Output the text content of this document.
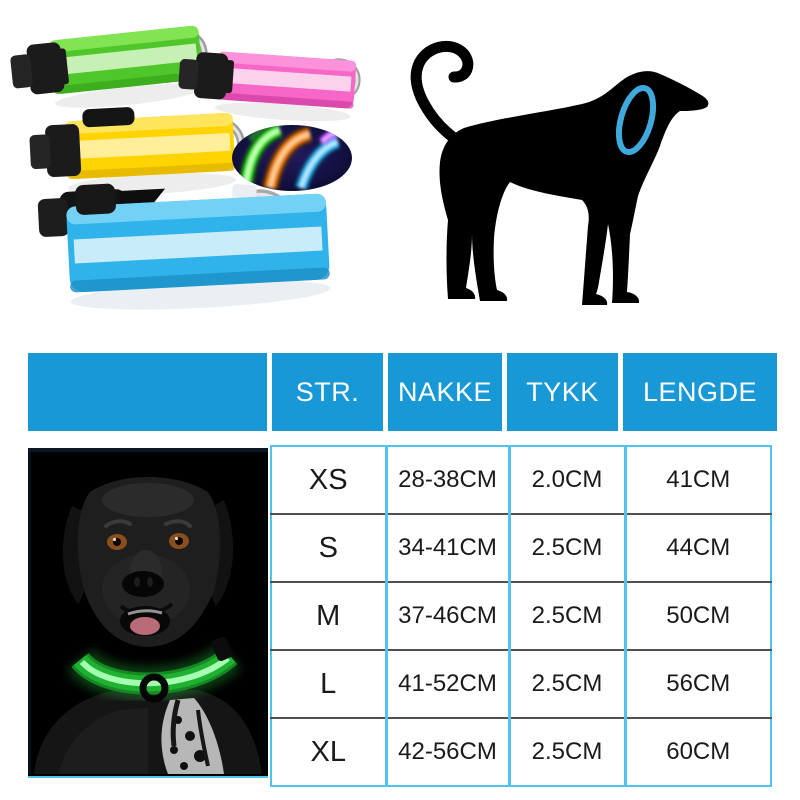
STR.	NAKKE	TYKK	LENGDE
XS	28-38CM	2.0CM	41CM
S	34-41CM	2.5CM	44CM
M	37-46CM	2.5CM	50CM
L	41-52CM	2.5CM	56CM
XL	42-56CM	2.5CM	60CM
